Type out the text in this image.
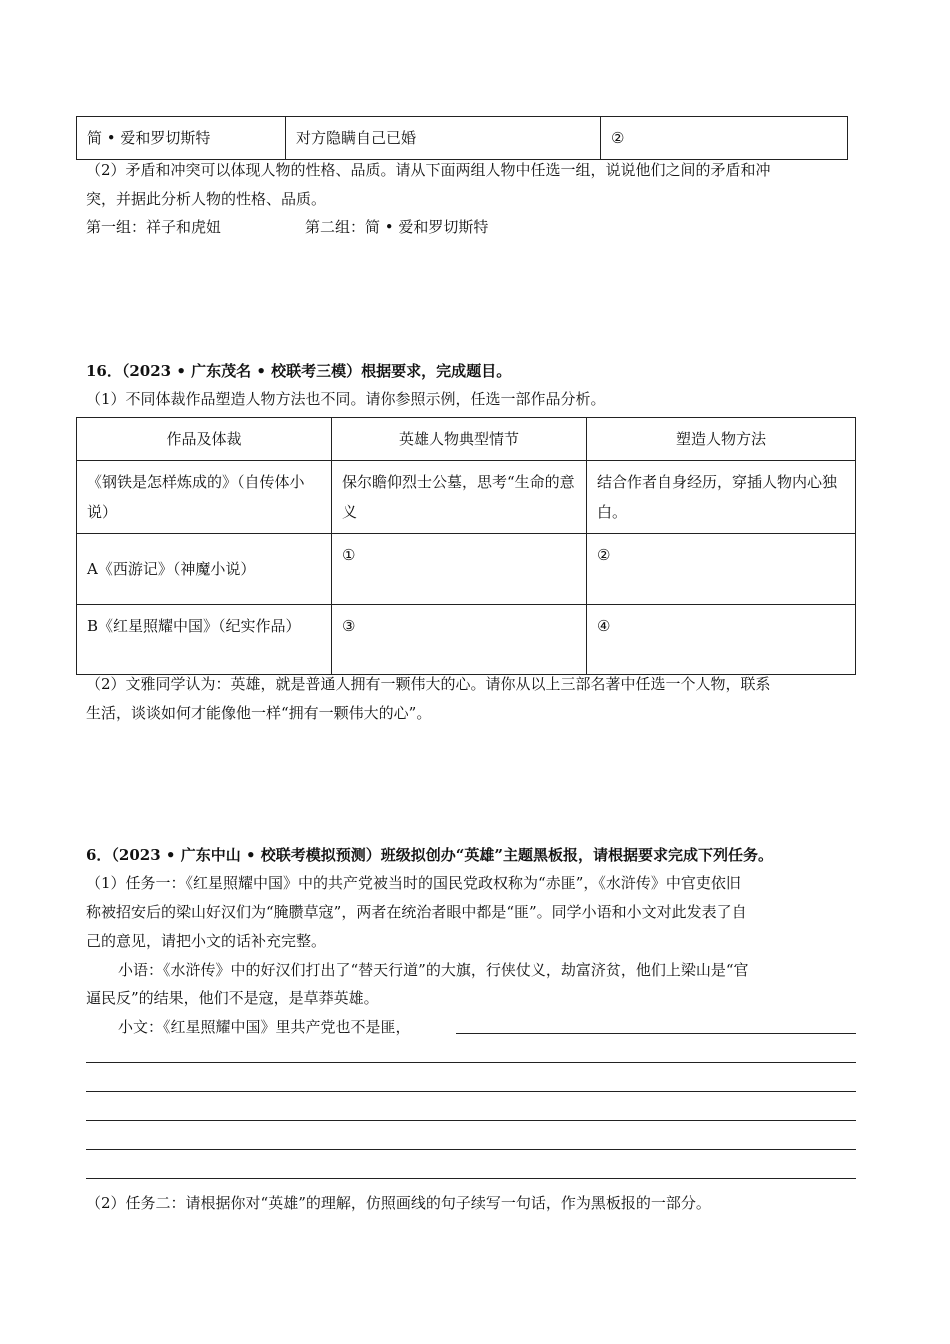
简 • 爱和罗切斯特	对方隐瞒自己已婚	②
（2）矛盾和冲突可以体现人物的性格、品质。请从下面两组人物中任选一组，说说他们之间的矛盾和冲
突，并据此分析人物的性格、品质。
第一组：祥子和虎妞	第二组：简 • 爱和罗切斯特
16．（2023 • 广东茂名 • 校联考三模）根据要求，完成题目。
（1）不同体裁作品塑造人物方法也不同。请你参照示例，任选一部作品分析。
作品及体裁	英雄人物典型情节	塑造人物方法
《钢铁是怎样炼成的》（自传体小说）	保尔瞻仰烈士公墓，思考“生命的意义	结合作者自身经历，穿插人物内心独白。
A《西游记》（神魔小说）	①	②
B《红星照耀中国》（纪实作品）	③	④
（2）文雅同学认为：英雄，就是普通人拥有一颗伟大的心。请你从以上三部名著中任选一个人物，联系
生活，谈谈如何才能像他一样“拥有一颗伟大的心”。
6．（2023 • 广东中山 • 校联考模拟预测）班级拟创办“英雄”主题黑板报，请根据要求完成下列任务。
（1）任务一：《红星照耀中国》中的共产党被当时的国民党政权称为“赤匪”，《水浒传》中官吏依旧
称被招安后的梁山好汉们为“腌臜草寇”，两者在统治者眼中都是“匪”。同学小语和小文对此发表了自
己的意见，请把小文的话补充完整。
小语：《水浒传》中的好汉们打出了“替天行道”的大旗，行侠仗义，劫富济贫，他们上梁山是“官
逼民反”的结果，他们不是寇，是草莽英雄。
小文：《红星照耀中国》里共产党也不是匪，
（2）任务二：请根据你对“英雄”的理解，仿照画线的句子续写一句话，作为黑板报的一部分。
